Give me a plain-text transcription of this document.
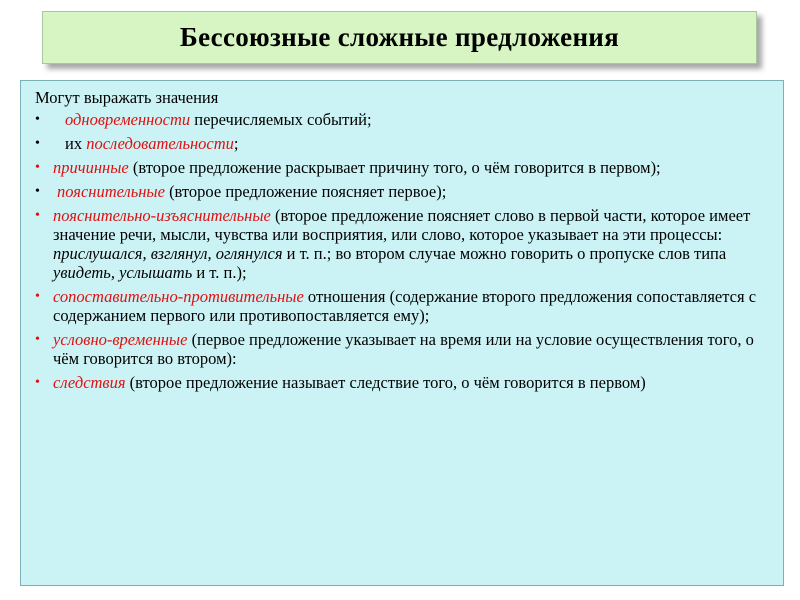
Бессоюзные сложные предложения
Могут выражать значения
• одновременности перечисляемых событий;
• их последовательности;
• причинные (второе предложение раскрывает причину того, о чём говорится в первом);
• пояснительные (второе предложение поясняет первое);
• пояснительно-изъяснительные (второе предложение поясняет слово в первой части, которое имеет значение речи, мысли, чувства или восприятия, или слово, которое указывает на эти процессы: прислушался, взглянул, оглянулся и т. п.; во втором случае можно говорить о пропуске слов типа увидеть, услышать и т. п.);
• сопоставительно-противительные отношения (содержание второго предложения сопоставляется с содержанием первого или противопоставляется ему);
• условно-временные (первое предложение указывает на время или на условие осуществления того, о чём говорится во втором):
• следствия (второе предложение называет следствие того, о чём говорится в первом)
